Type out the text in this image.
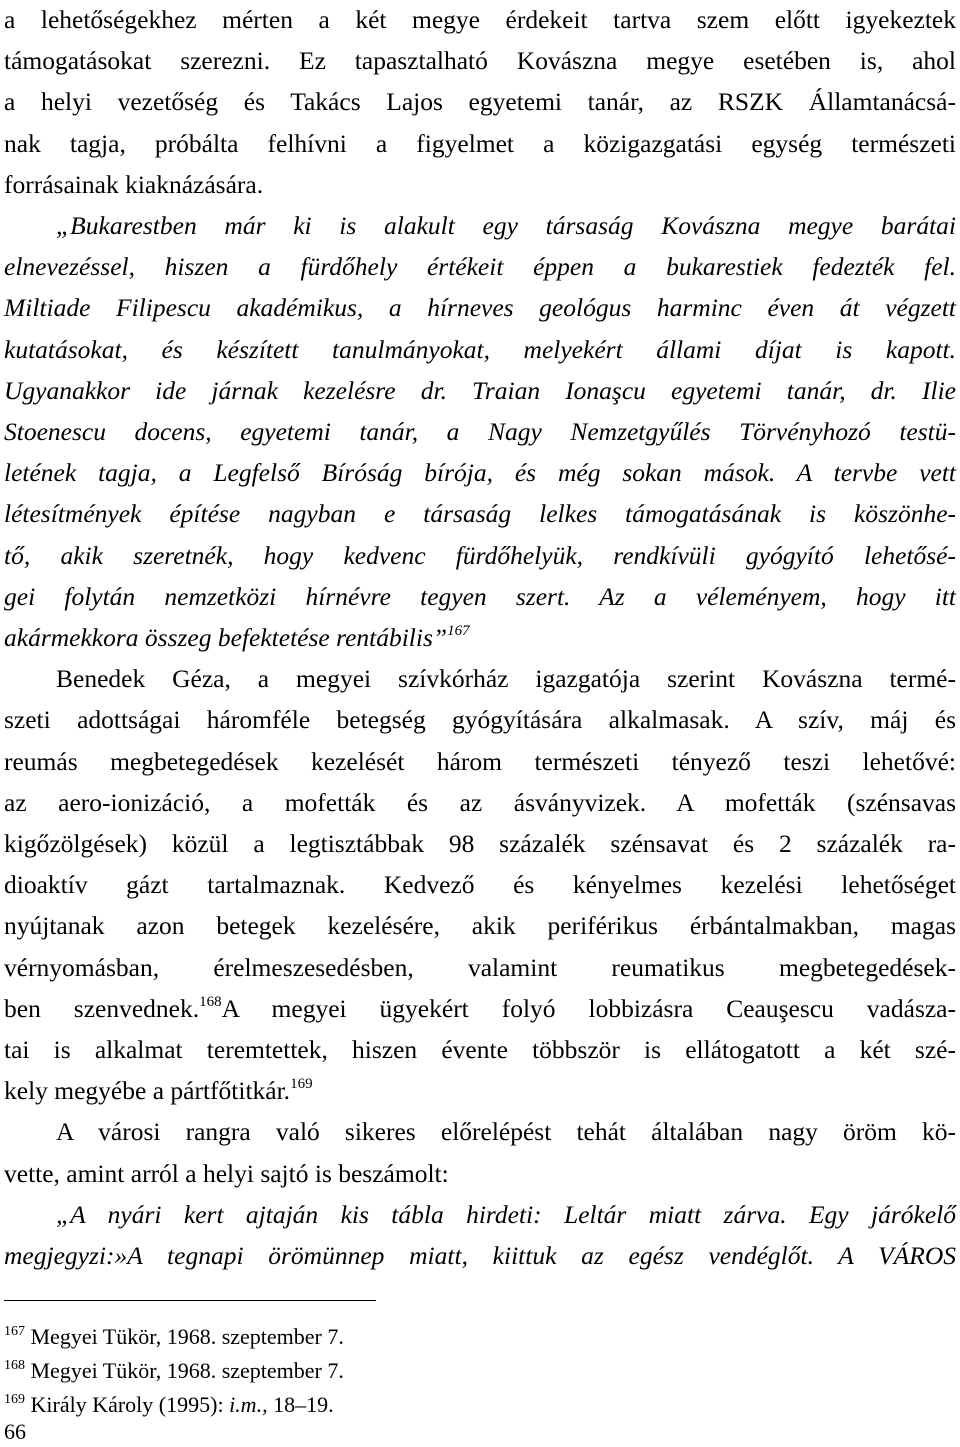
a lehetőségekhez mérten a két megye érdekeit tartva szem előtt igyekeztek
támogatásokat szerezni. Ez tapasztalható Kovászna megye esetében is, ahol
a helyi vezetőség és Takács Lajos egyetemi tanár, az RSZK Államtanácsá-
nak tagja, próbálta felhívni a figyelmet a közigazgatási egység természeti
forrásainak kiaknázására.
„Bukarestben már ki is alakult egy társaság Kovászna megye barátai
elnevezéssel, hiszen a fürdőhely értékeit éppen a bukarestiek fedezték fel.
Miltiade Filipescu akadémikus, a hírneves geológus harminc éven át végzett
kutatásokat, és készített tanulmányokat, melyekért állami díjat is kapott.
Ugyanakkor ide járnak kezelésre dr. Traian Ionaşcu egyetemi tanár, dr. Ilie
Stoenescu docens, egyetemi tanár, a Nagy Nemzetgyűlés Törvényhozó testü-
letének tagja, a Legfelső Bíróság bírója, és még sokan mások. A tervbe vett
létesítmények építése nagyban e társaság lelkes támogatásának is köszönhe-
tő, akik szeretnék, hogy kedvenc fürdőhelyük, rendkívüli gyógyító lehetősé-
gei folytán nemzetközi hírnévre tegyen szert. Az a véleményem, hogy itt
akármekkora összeg befektetése rentábilis”$^{167}$
Benedek Géza, a megyei szívkórház igazgatója szerint Kovászna termé-
szeti adottságai háromféle betegség gyógyítására alkalmasak. A szív, máj és
reumás megbetegedések kezelését három természeti tényező teszi lehetővé:
az aero-ionizáció, a mofetták és az ásványvizek. A mofetták (szénsavas
kigőzölgések) közül a legtisztábbak 98 százalék szénsavat és 2 százalék ra-
dioaktív gázt tartalmaznak. Kedvező és kényelmes kezelési lehetőséget
nyújtanak azon betegek kezelésére, akik periférikus érbántalmakban, magas
vérnyomásban, érelmeszesedésben, valamint reumatikus megbetegedések-
ben szenvednek.$^{168}$A megyei ügyekért folyó lobbizásra Ceauşescu vadásza-
tai is alkalmat teremtettek, hiszen évente többször is ellátogatott a két szé-
kely megyébe a pártfőtitkár.$^{169}$
A városi rangra való sikeres előrelépést tehát általában nagy öröm kö-
vette, amint arról a helyi sajtó is beszámolt:
„A nyári kert ajtaján kis tábla hirdeti: Leltár miatt zárva. Egy járókelő
megjegyzi:»A tegnapi örömünnep miatt, kiittuk az egész vendéglőt. A VÁROS
$^{167}$ Megyei Tükör, 1968. szeptember 7.
$^{168}$ Megyei Tükör, 1968. szeptember 7.
$^{169}$ Király Károly (1995): i.m., 18–19.
66
